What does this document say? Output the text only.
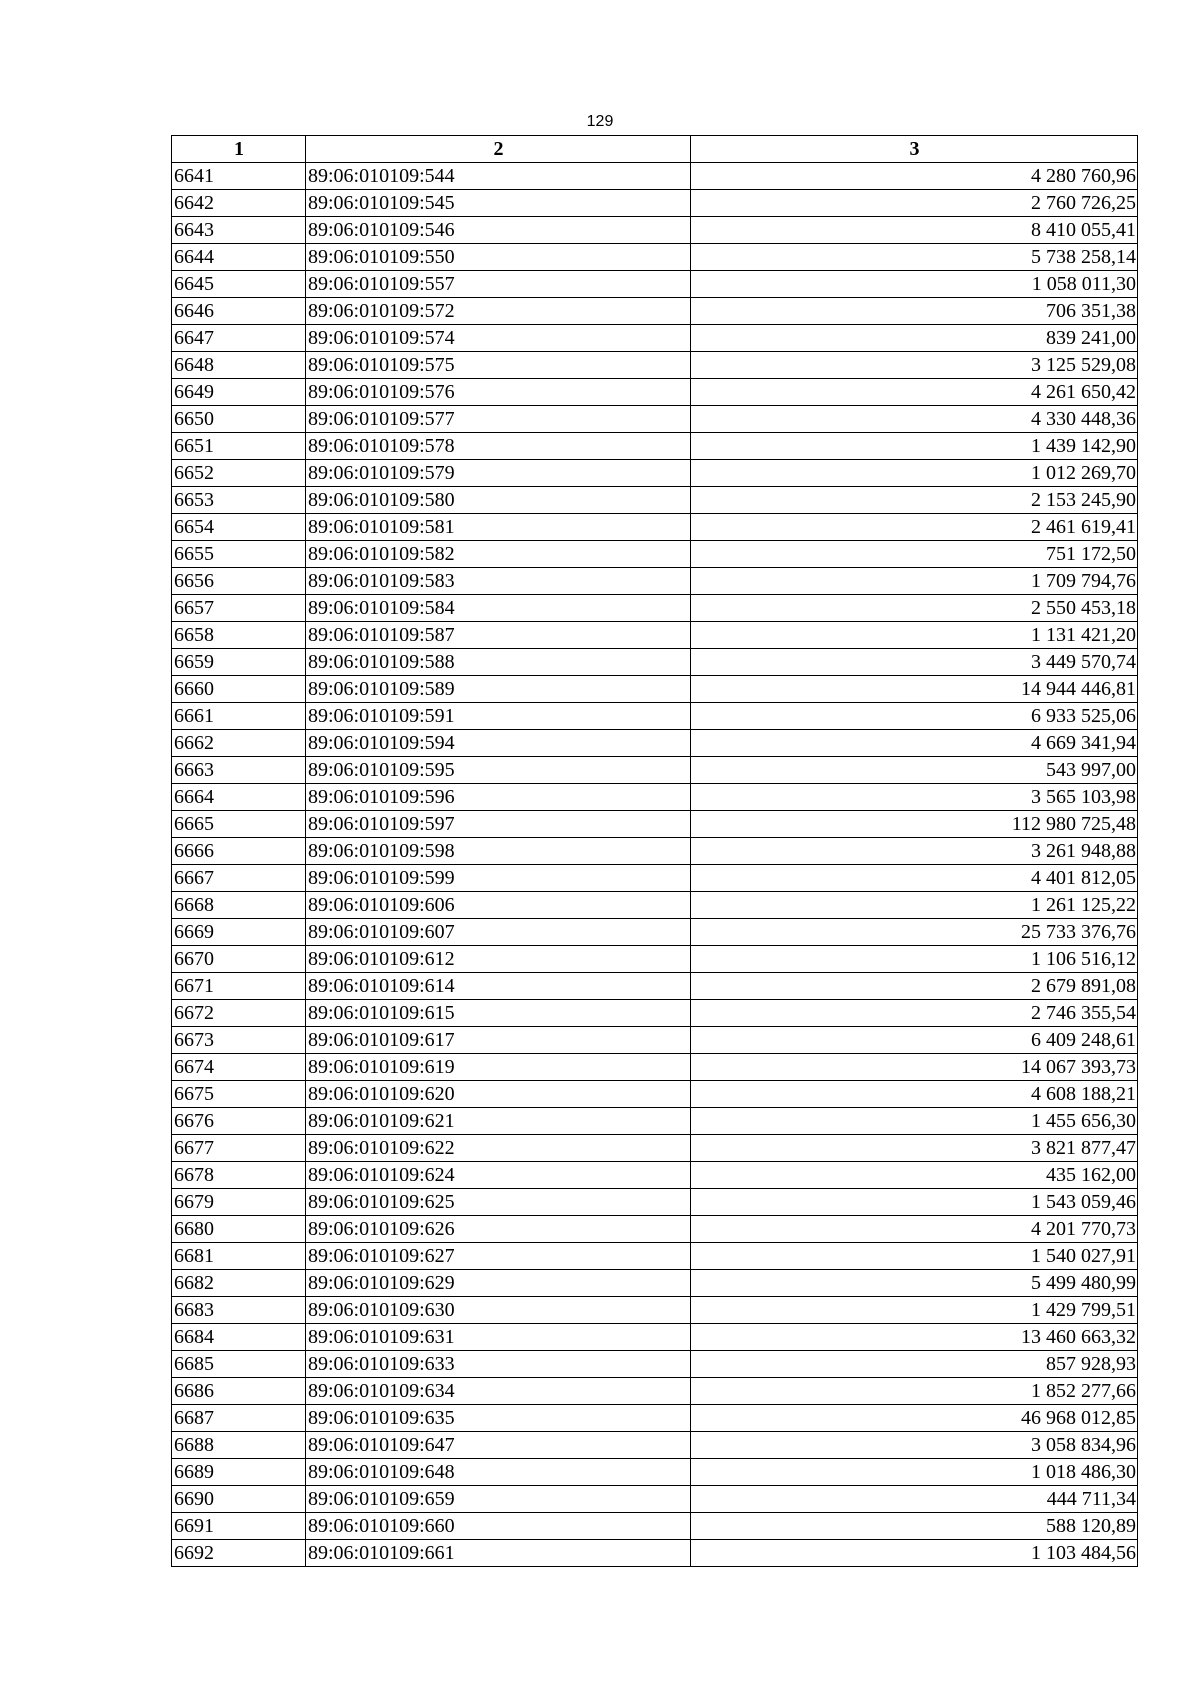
129
1	2	3
6641	89:06:010109:544	4 280 760,96
6642	89:06:010109:545	2 760 726,25
6643	89:06:010109:546	8 410 055,41
6644	89:06:010109:550	5 738 258,14
6645	89:06:010109:557	1 058 011,30
6646	89:06:010109:572	706 351,38
6647	89:06:010109:574	839 241,00
6648	89:06:010109:575	3 125 529,08
6649	89:06:010109:576	4 261 650,42
6650	89:06:010109:577	4 330 448,36
6651	89:06:010109:578	1 439 142,90
6652	89:06:010109:579	1 012 269,70
6653	89:06:010109:580	2 153 245,90
6654	89:06:010109:581	2 461 619,41
6655	89:06:010109:582	751 172,50
6656	89:06:010109:583	1 709 794,76
6657	89:06:010109:584	2 550 453,18
6658	89:06:010109:587	1 131 421,20
6659	89:06:010109:588	3 449 570,74
6660	89:06:010109:589	14 944 446,81
6661	89:06:010109:591	6 933 525,06
6662	89:06:010109:594	4 669 341,94
6663	89:06:010109:595	543 997,00
6664	89:06:010109:596	3 565 103,98
6665	89:06:010109:597	112 980 725,48
6666	89:06:010109:598	3 261 948,88
6667	89:06:010109:599	4 401 812,05
6668	89:06:010109:606	1 261 125,22
6669	89:06:010109:607	25 733 376,76
6670	89:06:010109:612	1 106 516,12
6671	89:06:010109:614	2 679 891,08
6672	89:06:010109:615	2 746 355,54
6673	89:06:010109:617	6 409 248,61
6674	89:06:010109:619	14 067 393,73
6675	89:06:010109:620	4 608 188,21
6676	89:06:010109:621	1 455 656,30
6677	89:06:010109:622	3 821 877,47
6678	89:06:010109:624	435 162,00
6679	89:06:010109:625	1 543 059,46
6680	89:06:010109:626	4 201 770,73
6681	89:06:010109:627	1 540 027,91
6682	89:06:010109:629	5 499 480,99
6683	89:06:010109:630	1 429 799,51
6684	89:06:010109:631	13 460 663,32
6685	89:06:010109:633	857 928,93
6686	89:06:010109:634	1 852 277,66
6687	89:06:010109:635	46 968 012,85
6688	89:06:010109:647	3 058 834,96
6689	89:06:010109:648	1 018 486,30
6690	89:06:010109:659	444 711,34
6691	89:06:010109:660	588 120,89
6692	89:06:010109:661	1 103 484,56
